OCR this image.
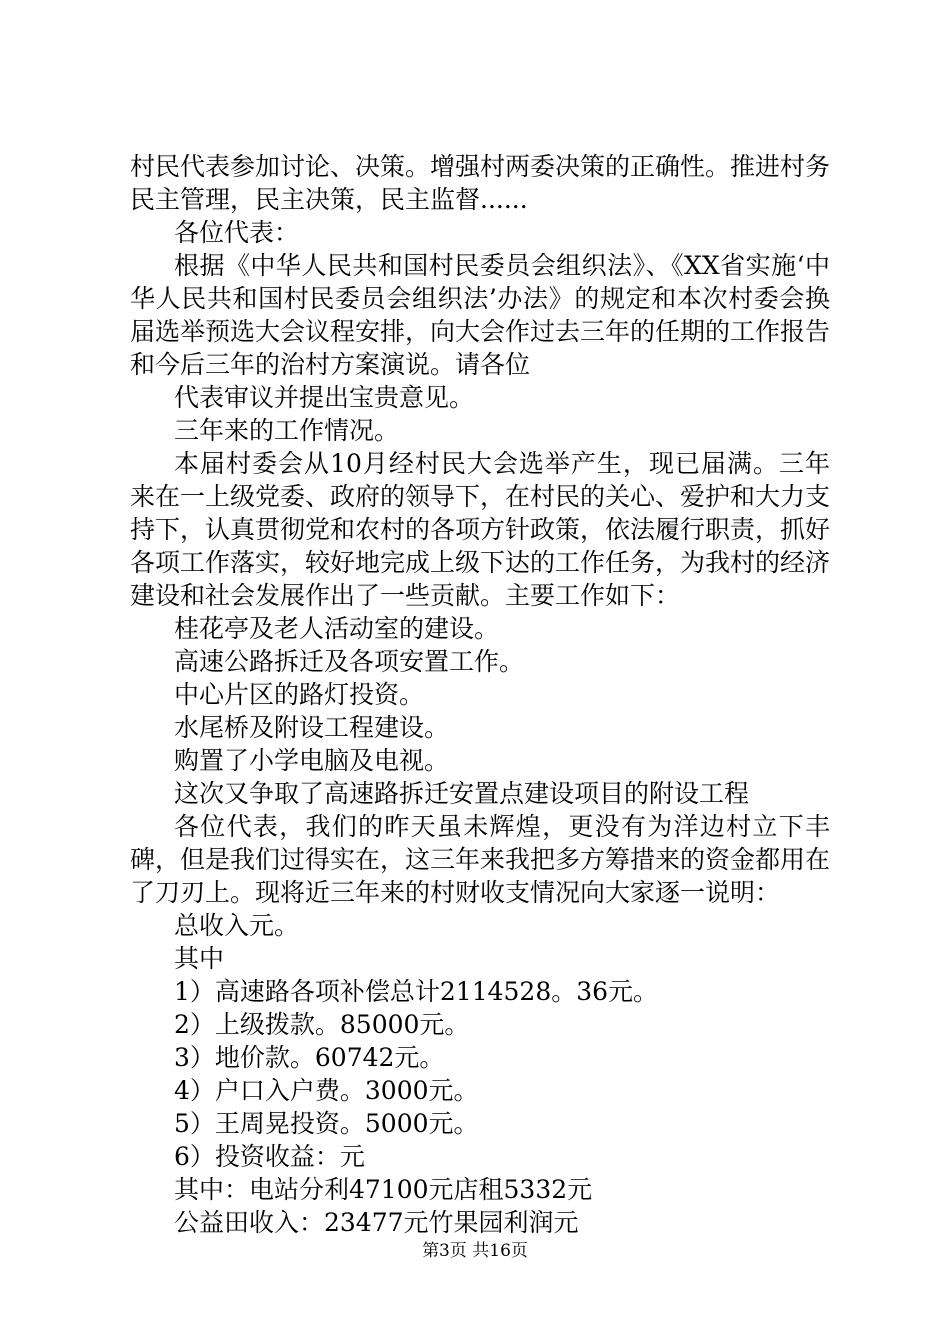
村民代表参加讨论、决策。增强村两委决策的正确性。推进村务民主管理，民主决策，民主监督......

各位代表：

根据《中华人民共和国村民委员会组织法》、《XX省实施‘中华人民共和国村民委员会组织法’办法》的规定和本次村委会换届选举预选大会议程安排，向大会作过去三年的任期的工作报告和今后三年的治村方案演说。请各位

代表审议并提出宝贵意见。

三年来的工作情况。

本届村委会从10月经村民大会选举产生，现已届满。三年来在一上级党委、政府的领导下，在村民的关心、爱护和大力支持下，认真贯彻党和农村的各项方针政策，依法履行职责，抓好各项工作落实，较好地完成上级下达的工作任务，为我村的经济建设和社会发展作出了一些贡献。主要工作如下：

桂花亭及老人活动室的建设。

高速公路拆迁及各项安置工作。

中心片区的路灯投资。

水尾桥及附设工程建设。

购置了小学电脑及电视。

这次又争取了高速路拆迁安置点建设项目的附设工程

各位代表，我们的昨天虽未辉煌，更没有为洋边村立下丰碑，但是我们过得实在，这三年来我把多方筹措来的资金都用在了刀刃上。现将近三年来的村财收支情况向大家逐一说明：

总收入元。

其中

1）高速路各项补偿总计2114528。36元。

2）上级拨款。85000元。

3）地价款。60742元。

4）户口入户费。3000元。

5）王周晃投资。5000元。

6）投资收益：元

其中：电站分利47100元店租5332元

公益田收入：23477元竹果园利润元

第3页 共16页
